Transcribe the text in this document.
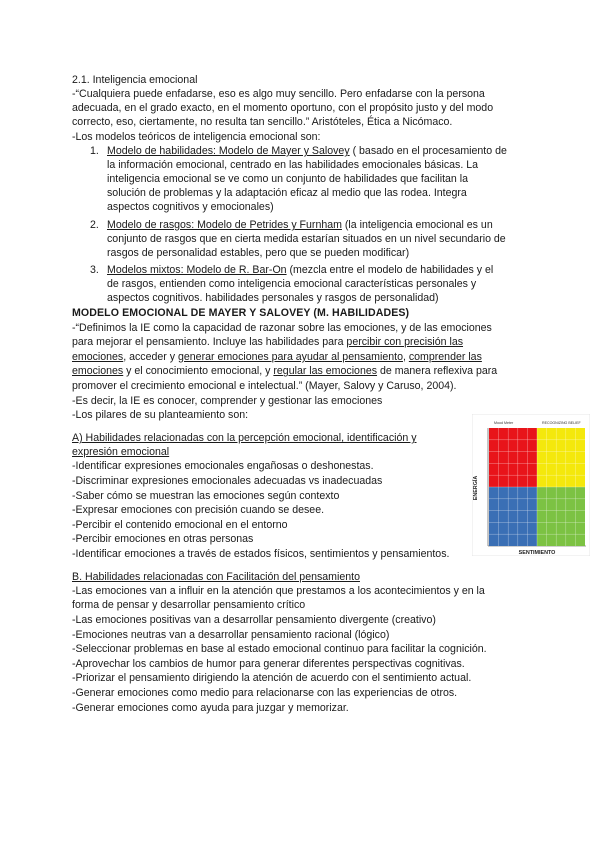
2.1. Inteligencia emocional
-“Cualquiera puede enfadarse, eso es algo muy sencillo. Pero enfadarse con la persona
adecuada, en el grado exacto, en el momento oportuno, con el propósito justo y del modo
correcto, eso, ciertamente, no resulta tan sencillo.” Aristóteles, Ética a Nicómaco.
-Los modelos teóricos de inteligencia emocional son:
1. Modelo de habilidades: Modelo de Mayer y Salovey ( basado en el procesamiento de
la información emocional, centrado en las habilidades emocionales básicas. La
inteligencia emocional se ve como un conjunto de habilidades que facilitan la
solución de problemas y la adaptación eficaz al medio que las rodea. Integra
aspectos cognitivos y emocionales)
2. Modelo de rasgos: Modelo de Petrides y Furnham (la inteligencia emocional es un
conjunto de rasgos que en cierta medida estarían situados en un nivel secundario de
rasgos de personalidad estables, pero que se pueden modificar)
3. Modelos mixtos: Modelo de R. Bar-On (mezcla entre el modelo de habilidades y el
de rasgos, entienden como inteligencia emocional características personales y
aspectos cognitivos. habilidades personales y rasgos de personalidad)
MODELO EMOCIONAL DE MAYER Y SALOVEY (M. HABILIDADES)
-“Definimos la IE como la capacidad de razonar sobre las emociones, y de las emociones
para mejorar el pensamiento. Incluye las habilidades para percibir con precisión las
emociones, acceder y generar emociones para ayudar al pensamiento, comprender las
emociones y el conocimiento emocional, y regular las emociones de manera reflexiva para
promover el crecimiento emocional e intelectual.” (Mayer, Salovy y Caruso, 2004).
-Es decir, la IE es conocer, comprender y gestionar las emociones
-Los pilares de su planteamiento son:
A) Habilidades relacionadas con la percepción emocional, identificación y
expresión emocional
-Identificar expresiones emocionales engañosas o deshonestas.
-Discriminar expresiones emocionales adecuadas vs inadecuadas
-Saber cómo se muestran las emociones según contexto
-Expresar emociones con precisión cuando se desee.
-Percibir el contenido emocional en el entorno
-Percibir emociones en otras personas
-Identificar emociones a través de estados físicos, sentimientos y pensamientos.
B. Habilidades relacionadas con Facilitación del pensamiento
-Las emociones van a influir en la atención que prestamos a los acontecimientos y en la
forma de pensar y desarrollar pensamiento crítico
-Las emociones positivas van a desarrollar pensamiento divergente (creativo)
-Emociones neutras van a desarrollar pensamiento racional (lógico)
-Seleccionar problemas en base al estado emocional continuo para facilitar la cognición.
-Aprovechar los cambios de humor para generar diferentes perspectivas cognitivas.
-Priorizar el pensamiento dirigiendo la atención de acuerdo con el sentimiento actual.
-Generar emociones como medio para relacionarse con las experiencias de otros.
-Generar emociones como ayuda para juzgar y memorizar.
Mood Meter	RECOGNIZING BELIEF
ENERGÍA
SENTIMIENTO
